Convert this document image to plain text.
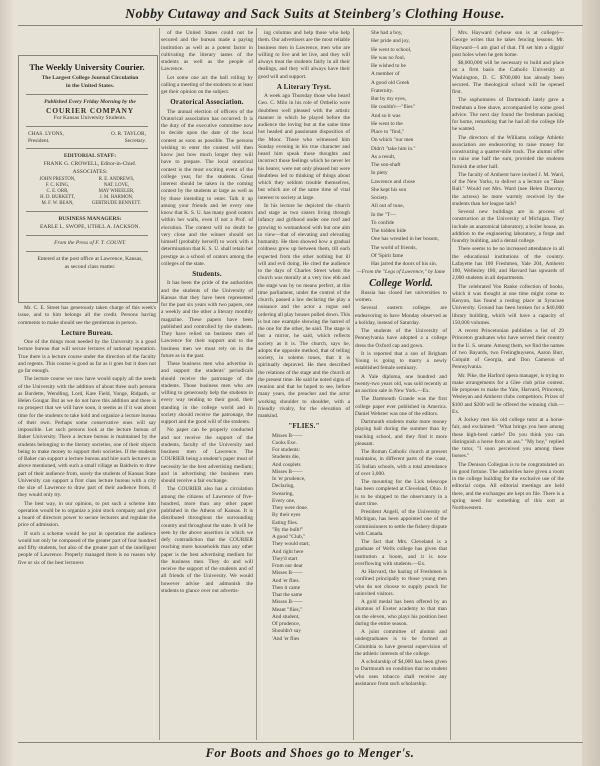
Nobby Cutaway and Sack Suits at Steinberg's Clothing House.
The Weekly University Courier.

The Largest College Journal Circulation

in the United States.

Published Every Friday Morning by the

COURIER COMPANY

For Kansas University Students.

CHAS. LYONS,	O. R. TAYLOR,
President.	Secretary.

EDITORIAL STAFF:

FRANK G. CROWELL, Editor-in-Chief.

ASSOCIATES:

JOHN PRESTON,	R. E. ANDREWS,
F. C. KING,	NAT. LOVE,
C. E. ORR,	MAY WHEELER,
H. D. BURKETT,	J. M. HARMON,
M. F. W. BEAN,	GERTRUDE BENNETT.

BUSINESS MANAGERS:

EARLE L. SWOPE, UTHLL A. JACKSON.

From the Press of F. T. COUNT.

Entered at the post office at Lawrence, Kansas,

as second class matter.

Mr. C. E. Street has generously taken charge of this week's issue, and to him belongs all the credit. Persons having comments to make should see the gentleman in person.

Lecture Bureau.

One of the things most needed by the University is a good lecture bureau that will secure lectures of national reputation. True there is a lecture course under the direction of the faculty and regents. This course is good as far as it goes but it does not go far enough.

The lecture course we now have would supply all the needs of the University with the addition of about three such persons as Burdette, Wendling, Lord, Kate Field, Yonge, Ridpath, or Helen Gougar. But as we do not have this addition and there is no prospect that we will have soon, it seems as if it was about time for the students to take hold and organize a lecture bureau of their own. Perhaps some conservative ones will say impossible. Let such persons look at the lecture bureau of Baker University. There a lecture bureau is maintained by the students belonging to the literary societies, one of their objects being to make money to support their societies. If the students of Baker can support a lecture bureau and hire such lecturers as above mentioned, with such a small village as Baldwin to draw part of their audience from, surely the students of Kansas State University can support a first class lecture bureau with a city the size of Lawrence to draw part of their audience from, if they would only try.

The best way, in our opinion, to put such a scheme into operation would be to organize a joint stock company and give a board of directors power to secure lecturers and regulate the price of admission.

If such a scheme would be put in operation the audience would not only be composed of the greater part of four hundred and fifty students, but also of the greater part of the intelligent people of Lawrence. Properly managed there is no reason why five or six of the best lecturers

of the United States could not be secured and the bureau made a paying institution as well as a potent factor in cultivating the literary tastes of the students as well as the people of Lawrence.

Let some one act the ball rolling by calling a meeting of the students to at least get their opinion on the subject.

Oratorical Association.

The annual election of officers of the Oratorical association has occurred. It is the duty of the executive committee now to decide upon the date of the local contest as soon as possible. The persons wishing to enter the contest will then know just how much longer they will have to prepare. The local oratorical contest is the most exciting event of the college year, for the students. Great interest should be taken in the coming contest by the students at large as well as by those intending to enter. Talk it up among your friends and let every one know that K. S. U. has many good orators within her walls, even if not a Prof. of elocution. The contest will no doubt be very close and the winner should set himself (probably herself) to work with a determination that K. S. U. shall retain her prestige as a school of orators among the colleges of the state.

Students.

It has been the pride of the authorities and the students of the University of Kansas that they have been represented for the past six years with two papers, one a weekly and the other a literary monthly magazine. These papers have been published and controlled by the students. They have relied on business men of Lawrence for their support and to the business men we must rely on in the future as in the past.

These business men who advertise in and support the students' periodicals should receive the patronage of the students. Those business men who are willing to generously help the students in every way tending to their good, their standing in the college world and in society should receive the patronage, the support and the good will of the students.

No paper can be properly conducted and not receive the support of the students, faculty of the University and business men of Lawrence. The COURIER being a student's paper must of necessity be the best advertising medium; and in advertising the business men should receive a fair exchange.

The COURIER also has a circulation among the citizens of Lawrence of five-hundred, more than any other paper published in the Athens of Kansas. It is distributed throughout the surrounding country and throughout the state. It will be seen by the above assertion in which we defy contradiction that the COURIER reaching more households than any other paper is the best advertising medium for the business men. They do and will receive the support of the students and of all friends of the University. We would however advise and admonish the students to glance over our advertis-

ing columns and help those who help them. Our advertisers are the most reliable business men in Lawrence, men who are willing to live and let live, and they will always treat the students fairly in all their dealings, and they will always have their good will and support.

A Literary Tryst.

A week ago Thursday those who heard Geo. C. Milo in his role of Orthello were doubtless well pleased with the artistic manner in which he played before the audience the loving but at the same time hot headed and passionate disposition of the Moor. Those who witnessed him Sunday evening in his true character and heard him speak those thoughts and incorrect those feelings which he never let his hearer, were not only pleased but were doubtless led to thinking of things about which they seldom trouble themselves, but which are of the same time of vital interest to society at large.

In his lecture he depicted the church and stage as two sisters living through infancy and girlhood under one roof and growing to womanhood with but one aim in view—that of elevating and elevating humanity. He then showed how a gradual coldness grew up between them, till each expected from the other nothing but ill will and evil doing. He cited the audience to the days of Charles Street when the church was morally at a very low ebb and the stage was by no means perfect, at this time parliament, under the control of the church, passed a law declaring the play a nuisance and the actor a rogue and ordering all play houses pulled down. This is but one example showing the hatred of the one for the other, he said. The stage is but a mirror, he said, which reflects society as it is. The church, says he, adopts the opposite method, that of telling society, in solemn tones, that it is spiritually depraved. He then described the relations of the stage and the church at the present time. He said he noted signs of reunion and that he hoped to see, before many years, the preacher and the actor working shoulder to shoulder, with a friendly rivalry, for the elevation of mankind.

"FLIES."

Misses B——

Cooks Exe.

For students:

Students die,

And cooplets

Misses B——

In 'er prudence,

Declaring,

Swearing,

Every one,

They were done.

By their eyes

Eating flies.

"By the bulb!"

A good "Club,"

They would start,

And right here

They'd start

From our dear

Misses B——

And 'er flies.

Then it came

That the same

Misses B——

Meant "flies,"

And student,

Of prudence,

Shouldn't say

'And 'er flies

She had a boy,

Her pride and joy,

He went to school,

He was no fool,

He wished to be

A member of

A good old Greek

Fraternity.

But by my eyes,

He couldn't—"flies"

And so it was

He went to the

Place to "find,"

On which "our men

Didn't "take him in."

As a result,

The son-shaft

In piety

Lawrence and chose

She kept his son

Society.

All out of tune,

In the "T—

To confide

The hidden hide

One has wrestled in her bosom,

The world of friends,

Of 'Spirit fame

Has jarred the doors of his sin.

—From the "Legs of Lawrence," by Iame

College World.

Russia has closed her universities to women.

Several eastern colleges are endeavoring to have Monday observed as a holiday, instead of Saturday.

The students of the University of Pennsylvania have adopted a a college dress the Oxford cap and gown.

It is reported that a son of Brigham Young is going to marry a newly established female seminary.

A Yale diploma, one hundred and twenty-two years old, was sold recently at an auction sale in New York.—Ex.

The Dartmouth Grande was the first college paper ever published in America. Daniel Webster was one of the editors.

Dartmouth students make more money playing ball during the summer than by teaching school, and they find it more pleasant.

The Roman Catholic church at present maintains, in different parts of the coast, 35 Indian schools, with a total attendance of over 3,000.

The mounting for the Lick telescope has been completed at Cleveland, Ohio. It is to be shipped to the observatory in a short time.

President Angell, of the University of Michigan, has been appointed one of the commissioners to settle the fishery dispute with Canada.

The fact that Mrs. Cleveland is a graduate of Wells college has given that institution a boom, and it is now overflowing with students.—Ex.

At Harvard, the hazing of Freshmen is confined principally to those young men who do not choose to supply punch for uninvited visitors.

A gold medal has been offered by an alumnus of Exeter academy to that man on the eleven, who plays his position best during the entire season.

A joint committee of alumni and undergraduates is to be formed at Columbia to have general supervision of the athletic interests of the college.

A scholarship of $4,000 has been given to Dartmouth on condition that no student who uses tobacco shall receive any assistance from such scholarship.

Mrs. Hayward (whose son is at college)—George writes that he takes fencing lessons. Mr. Hayward—I am glad of that. I'll set him a diggin' post holes when he gets home.

$8,000,000 will be necessary to build and place on a firm basis the Catholic University at Washington, D. C. $700,000 has already been secured. The theological school will be opened first.

The sophomores of Dartmouth lately gave a freshman a free shave, accompanied by some good advice. The next day found the freshman packing for home, remarking that he had all the college life he wanted.

The directors of the Williams college Athletic association are endeavoring to raise money for constructing a quarter-mile track. The alumni offer to raise one half the sum, provided the students furnish the other half.

The faculty of Amherst have invited J. M. Ward, of the New Yorks, to deliver a a lecture on "Base Ball." Would not Mrs. Ward (nee Helen Dauvray, the actress) be more warmly received by the students than her league lads?

Several new buildings are in process of construction at the University of Michigan. They include an anatomical laboratory, a boiler house, an addition to the engineering laboratory, a forge and foundry building, and a dental college.

There seems to be no increased attendance in all the educational institutions of the country. Lafayette has 100 Freshmen, Yale 204, Amherst 100, Wellesley 180, and Harvard has upwards of 2,000 students in all departments.

The celebrated Von Ranke collection of books, which it was thought at one time might come to Kenyon, has found a resting place at Syracuse University. Ground has been broken for a $40,000 library building, which will have a capacity of 150,000 volumes.

A recent Princetonian publishes a list of 29 Princeton graduates who have served their country in the U. S. senate. Among them, we find the names of two Bayards, two Frelinghuysens, Aaron Burr, Colquitt of Georgia, and Don Cameron of Pennsylvania.

Mr. Pike, the Harford opera manager, is trying to make arrangements for a Glee club prize contest. He proposes to make the Yale, Harvard, Princeton, Wesleyan and Amherst clubs competitors. Prizes of $100 and $200 will be offered the winning club.—Ex.

A Jockey met his old college tutor at a horse-fair, and exclaimed: "What brings you here among these high-bred cattle? Do you think you can distinguish a horse from an ass." "My boy," replied the tutor, "I soon perceived you among these horses."

The Denison Collegian is to be congratulated on its good fortune. The authorities have given a room in the college building for the exclusive use of the editorial corps. All editorial meetings are held there, and the exchanges are kept on file. There is a spring need for something of this sort at Northwestern.

For Boots and Shoes go to Menger's.
